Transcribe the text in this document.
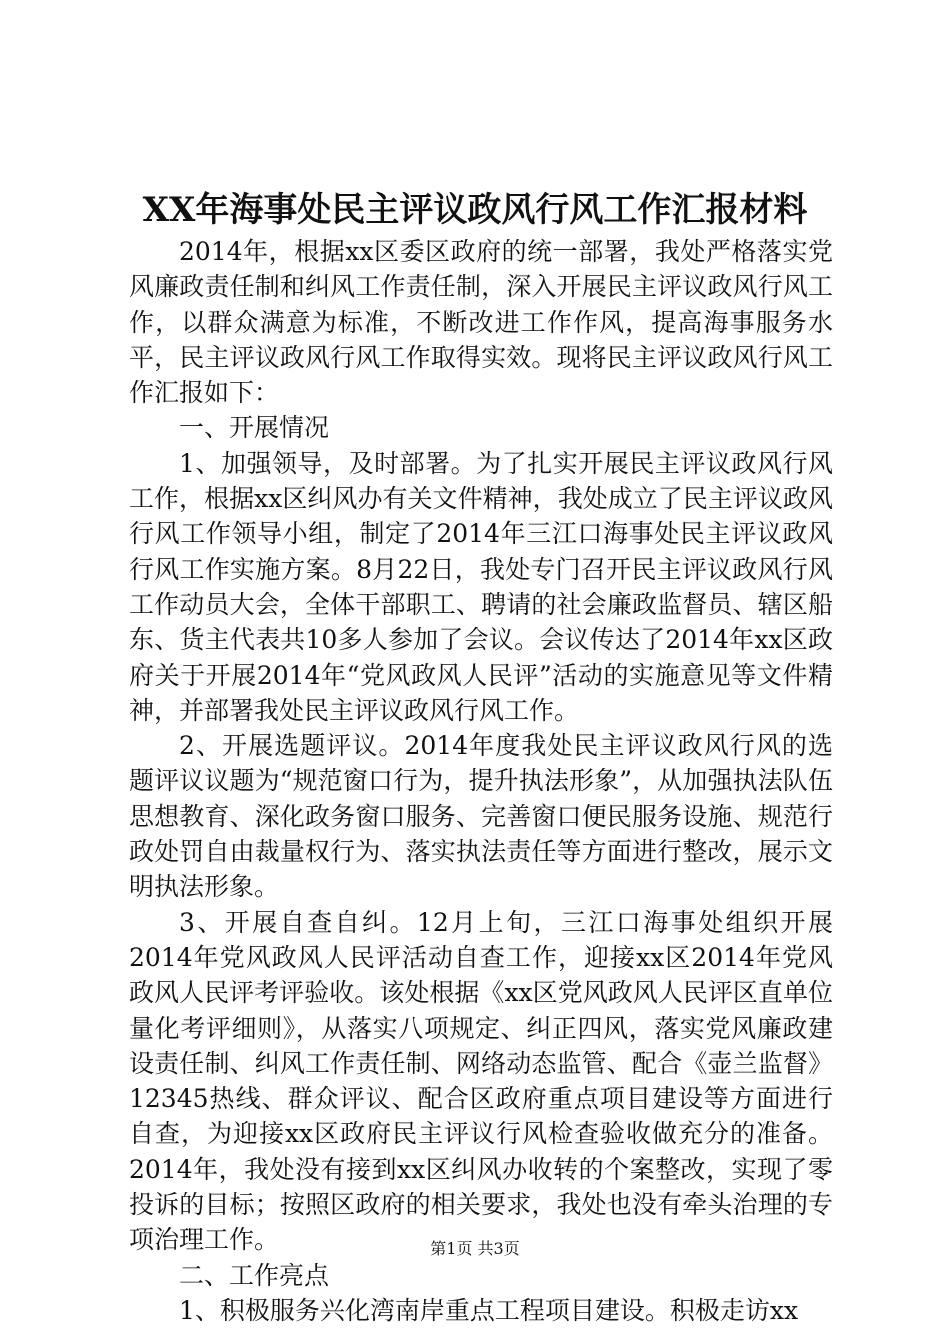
XX年海事处民主评议政风行风工作汇报材料

2014年，根据xx区委区政府的统一部署，我处严格落实党风廉政责任制和纠风工作责任制，深入开展民主评议政风行风工作，以群众满意为标准，不断改进工作作风，提高海事服务水平，民主评议政风行风工作取得实效。现将民主评议政风行风工作汇报如下：

一、开展情况

1、加强领导，及时部署。为了扎实开展民主评议政风行风工作，根据xx区纠风办有关文件精神，我处成立了民主评议政风行风工作领导小组，制定了2014年三江口海事处民主评议政风行风工作实施方案。8月22日，我处专门召开民主评议政风行风工作动员大会，全体干部职工、聘请的社会廉政监督员、辖区船东、货主代表共10多人参加了会议。会议传达了2014年xx区政府关于开展2014年“党风政风人民评”活动的实施意见等文件精神，并部署我处民主评议政风行风工作。

2、开展选题评议。2014年度我处民主评议政风行风的选题评议议题为“规范窗口行为，提升执法形象”，从加强执法队伍思想教育、深化政务窗口服务、完善窗口便民服务设施、规范行政处罚自由裁量权行为、落实执法责任等方面进行整改，展示文明执法形象。

3、开展自查自纠。12月上旬，三江口海事处组织开展2014年党风政风人民评活动自查工作，迎接xx区2014年党风政风人民评考评验收。该处根据《xx区党风政风人民评区直单位量化考评细则》，从落实八项规定、纠正四风，落实党风廉政建设责任制、纠风工作责任制、网络动态监管、配合《壶兰监督》12345热线、群众评议、配合区政府重点项目建设等方面进行自查，为迎接xx区政府民主评议行风检查验收做充分的准备。2014年，我处没有接到xx区纠风办收转的个案整改，实现了零投诉的目标；按照区政府的相关要求，我处也没有牵头治理的专项治理工作。

二、工作亮点

1、积极服务兴化湾南岸重点工程项目建设。积极走访xx

第1页 共3页
